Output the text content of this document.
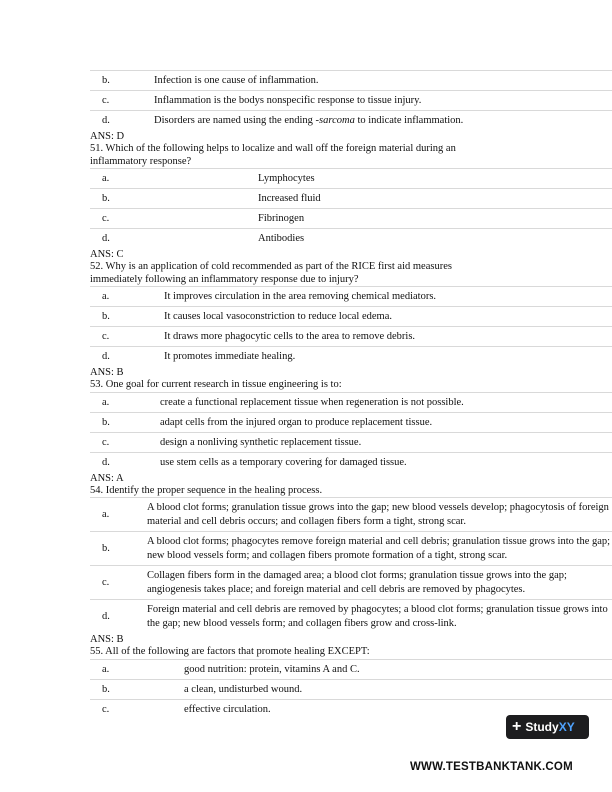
b.	Infection is one cause of inflammation.
c.	Inflammation is the bodys nonspecific response to tissue injury.
d.	Disorders are named using the ending -sarcoma to indicate inflammation.
ANS: D
51. Which of the following helps to localize and wall off the foreign material during an
inflammatory response?
a.	Lymphocytes
b.	Increased fluid
c.	Fibrinogen
d.	Antibodies
ANS: C
52. Why is an application of cold recommended as part of the RICE first aid measures
immediately following an inflammatory response due to injury?
a.	It improves circulation in the area removing chemical mediators.
b.	It causes local vasoconstriction to reduce local edema.
c.	It draws more phagocytic cells to the area to remove debris.
d.	It promotes immediate healing.
ANS: B
53. One goal for current research in tissue engineering is to:
a.	create a functional replacement tissue when regeneration is not possible.
b.	adapt cells from the injured organ to produce replacement tissue.
c.	design a nonliving synthetic replacement tissue.
d.	use stem cells as a temporary covering for damaged tissue.
ANS: A
54. Identify the proper sequence in the healing process.
a.
A blood clot forms; granulation tissue grows into the gap; new blood vessels develop; phagocytosis of foreign material and cell debris occurs; and collagen fibers form a tight, strong scar.
b.
A blood clot forms; phagocytes remove foreign material and cell debris; granulation tissue grows into the gap; new blood vessels form; and collagen fibers promote formation of a tight, strong scar.
c.
Collagen fibers form in the damaged area; a blood clot forms; granulation tissue grows into the gap; angiogenesis takes place; and foreign material and cell debris are removed by phagocytes.
d.
Foreign material and cell debris are removed by phagocytes; a blood clot forms; granulation tissue grows into the gap; new blood vessels form; and collagen fibers grow and cross-link.
ANS: B
55. All of the following are factors that promote healing EXCEPT:
a.	good nutrition: protein, vitamins A and C.
b.	a clean, undisturbed wound.
c.	effective circulation.
+ StudyXY
WWW.TESTBANKTANK.COM
